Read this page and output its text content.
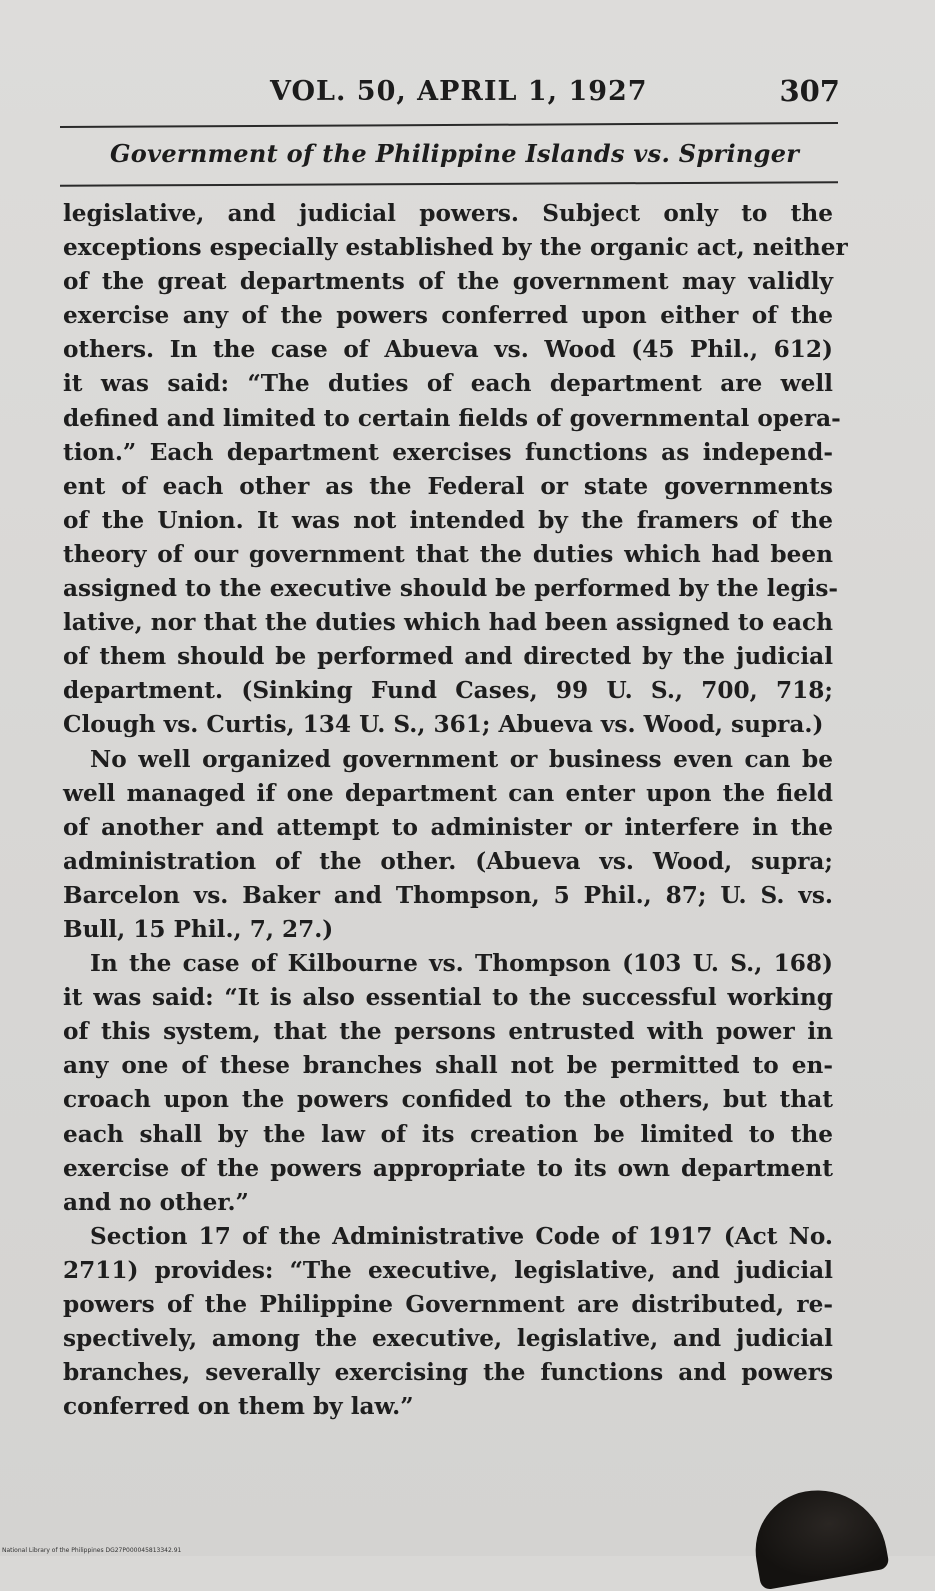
VOL. 50, APRIL 1, 1927	307
Government of the Philippine Islands vs. Springer
legislative, and judicial powers. Subject only to the
exceptions especially established by the organic act, neither
of the great departments of the government may validly
exercise any of the powers conferred upon either of the
others. In the case of Abueva vs. Wood (45 Phil., 612)
it was said: “The duties of each department are well
defined and limited to certain fields of governmental opera-
tion.” Each department exercises functions as independ-
ent of each other as the Federal or state governments
of the Union. It was not intended by the framers of the
theory of our government that the duties which had been
assigned to the executive should be performed by the legis-
lative, nor that the duties which had been assigned to each
of them should be performed and directed by the judicial
department. (Sinking Fund Cases, 99 U. S., 700, 718;
Clough vs. Curtis, 134 U. S., 361; Abueva vs. Wood, supra.)
No well organized government or business even can be
well managed if one department can enter upon the field
of another and attempt to administer or interfere in the
administration of the other. (Abueva vs. Wood, supra;
Barcelon vs. Baker and Thompson, 5 Phil., 87; U. S. vs.
Bull, 15 Phil., 7, 27.)
In the case of Kilbourne vs. Thompson (103 U. S., 168)
it was said: “It is also essential to the successful working
of this system, that the persons entrusted with power in
any one of these branches shall not be permitted to en-
croach upon the powers confided to the others, but that
each shall by the law of its creation be limited to the
exercise of the powers appropriate to its own department
and no other.”
Section 17 of the Administrative Code of 1917 (Act No.
2711) provides: “The executive, legislative, and judicial
powers of the Philippine Government are distributed, re-
spectively, among the executive, legislative, and judicial
branches, severally exercising the functions and powers
conferred on them by law.”
National Library of the Philippines DG27P000045813342.91
